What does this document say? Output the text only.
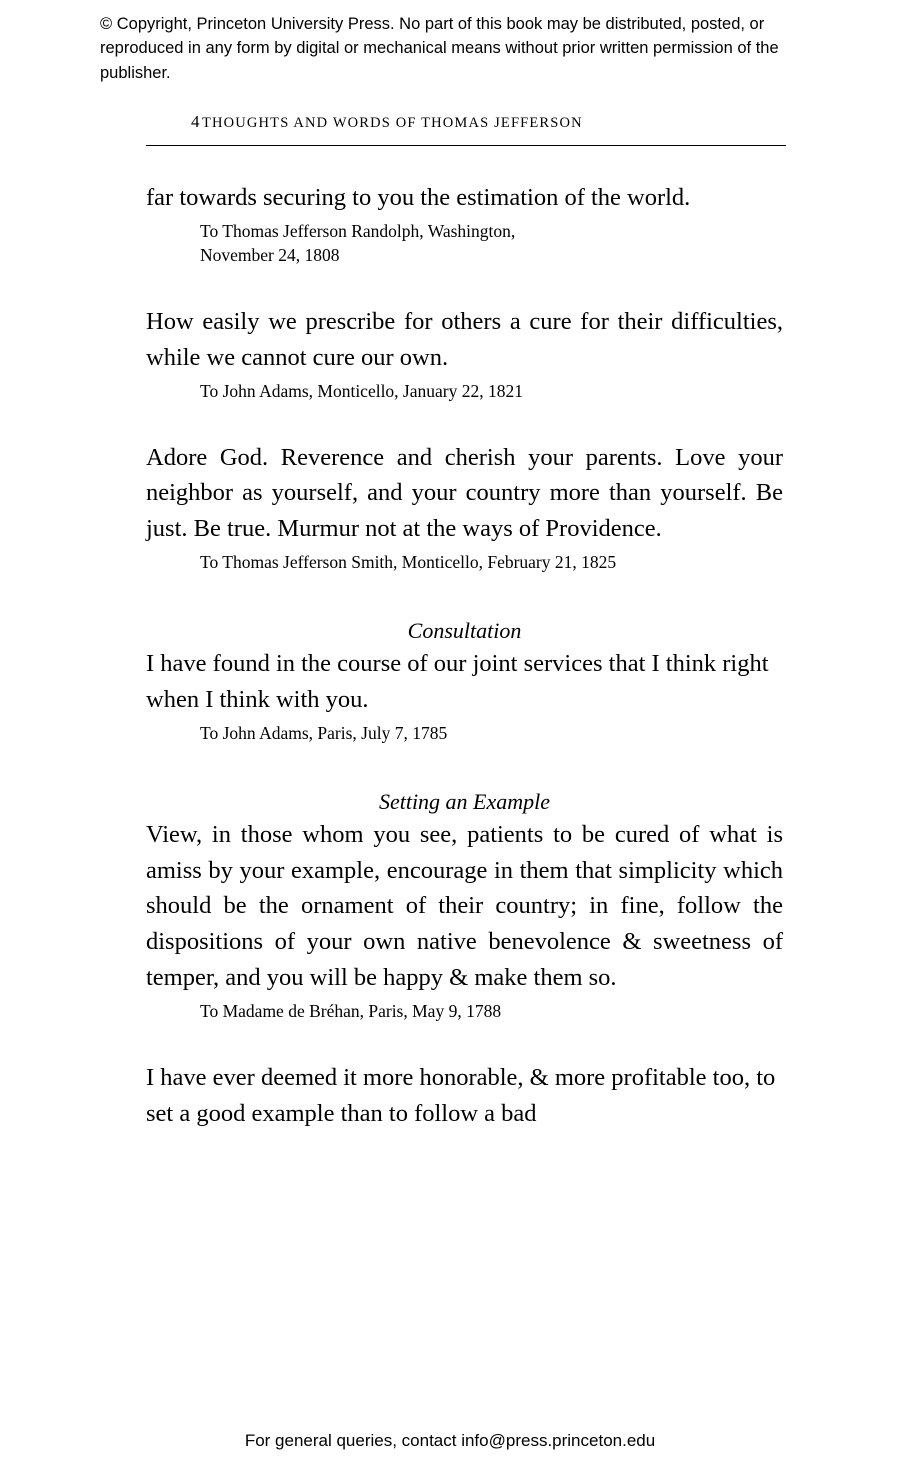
© Copyright, Princeton University Press. No part of this book may be distributed, posted, or reproduced in any form by digital or mechanical means without prior written permission of the publisher.
4 THOUGHTS AND WORDS OF THOMAS JEFFERSON

far towards securing to you the estimation of the world.

To Thomas Jefferson Randolph, Washington,
November 24, 1808

How easily we prescribe for others a cure for their difficulties, while we cannot cure our own.

To John Adams, Monticello, January 22, 1821

Adore God. Reverence and cherish your parents. Love your neighbor as yourself, and your country more than yourself. Be just. Be true. Murmur not at the ways of Providence.

To Thomas Jefferson Smith, Monticello, February 21, 1825

Consultation

I have found in the course of our joint services that I think right when I think with you.

To John Adams, Paris, July 7, 1785

Setting an Example

View, in those whom you see, patients to be cured of what is amiss by your example, encourage in them that simplicity which should be the ornament of their country; in fine, follow the dispositions of your own native benevolence & sweetness of temper, and you will be happy & make them so.

To Madame de Bréhan, Paris, May 9, 1788

I have ever deemed it more honorable, & more profitable too, to set a good example than to follow a bad

For general queries, contact info@press.princeton.edu
